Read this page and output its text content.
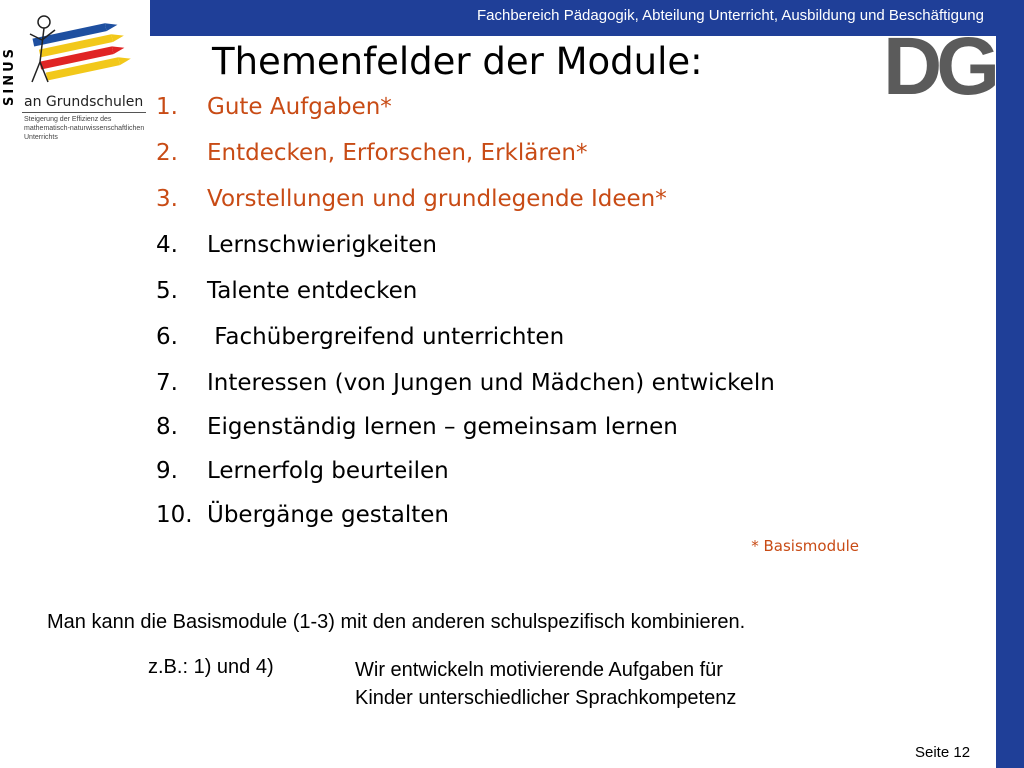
Fachbereich Pädagogik, Abteilung Unterricht, Ausbildung und Beschäftigung
SINUS an Grundschulen
Steigerung der Effizienz des mathematisch-naturwissenschaftlichen Unterrichts
DG
Themenfelder der Module:
1. Gute Aufgaben*
2. Entdecken, Erforschen, Erklären*
3. Vorstellungen und grundlegende Ideen*
4. Lernschwierigkeiten
5. Talente entdecken
6. Fachübergreifend unterrichten
7. Interessen (von Jungen und Mädchen) entwickeln
8. Eigenständig lernen – gemeinsam lernen
9. Lernerfolg beurteilen
10. Übergänge gestalten
* Basismodule
Man kann die Basismodule (1-3) mit den anderen schulspezifisch kombinieren.
z.B.: 1) und 4)	Wir entwickeln motivierende Aufgaben für
Kinder unterschiedlicher Sprachkompetenz
Seite 12
